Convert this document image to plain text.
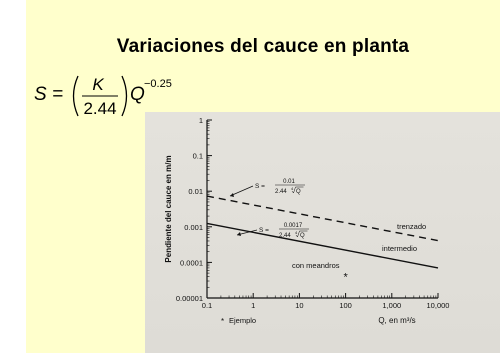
Variaciones del cauce en planta
S = K
2.44
Q −0.25
1
0.1
0.01
0.001
0.0001
0.00001
0.1	1	10	100	1,000	10,000
*
Pendiente del cauce en m/m
Q, en m³/s
trenzado
intermedio
con meandros
S =
0.01
2.44
4
Q
S =
0.0017
2.44
4
Q
* Ejemplo
